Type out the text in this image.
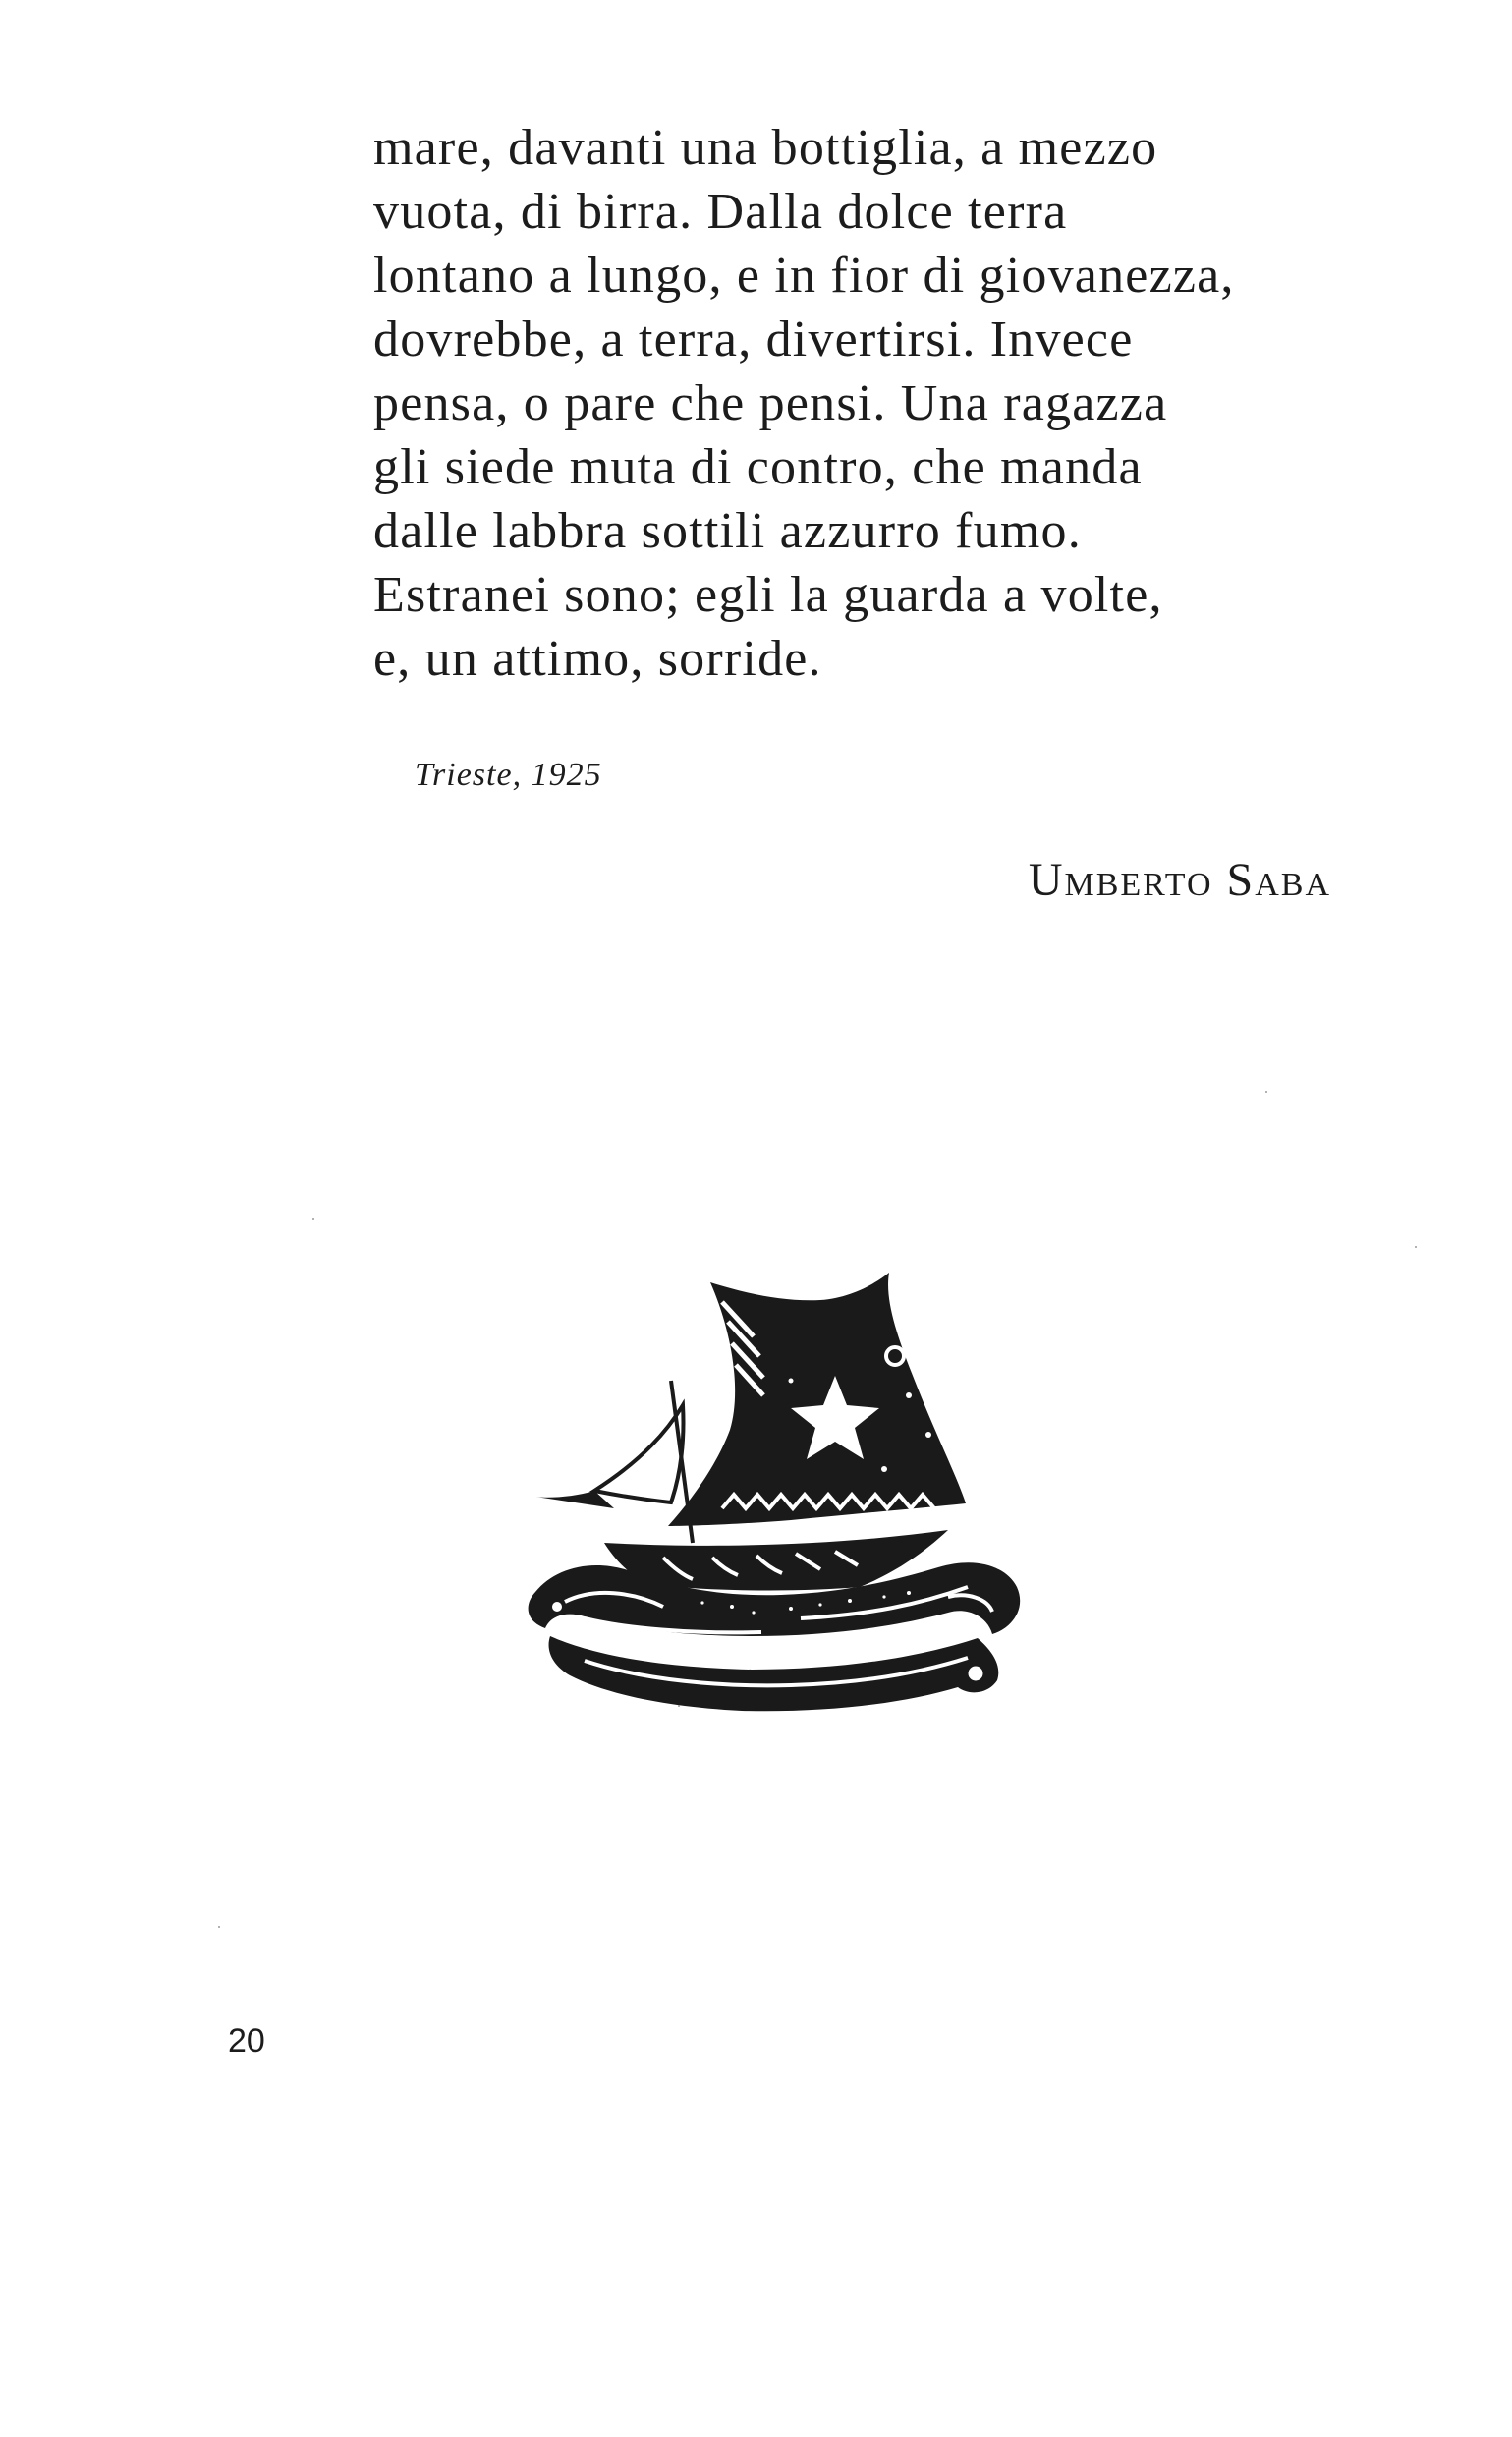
mare, davanti una bottiglia, a mezzo
vuota, di birra. Dalla dolce terra
lontano a lungo, e in fior di giovanezza,
dovrebbe, a terra, divertirsi. Invece
pensa, o pare che pensi. Una ragazza
gli siede muta di contro, che manda
dalle labbra sottili azzurro fumo.
Estranei sono; egli la guarda a volte,
e, un attimo, sorride.
Trieste, 1925
Umberto Saba
20
